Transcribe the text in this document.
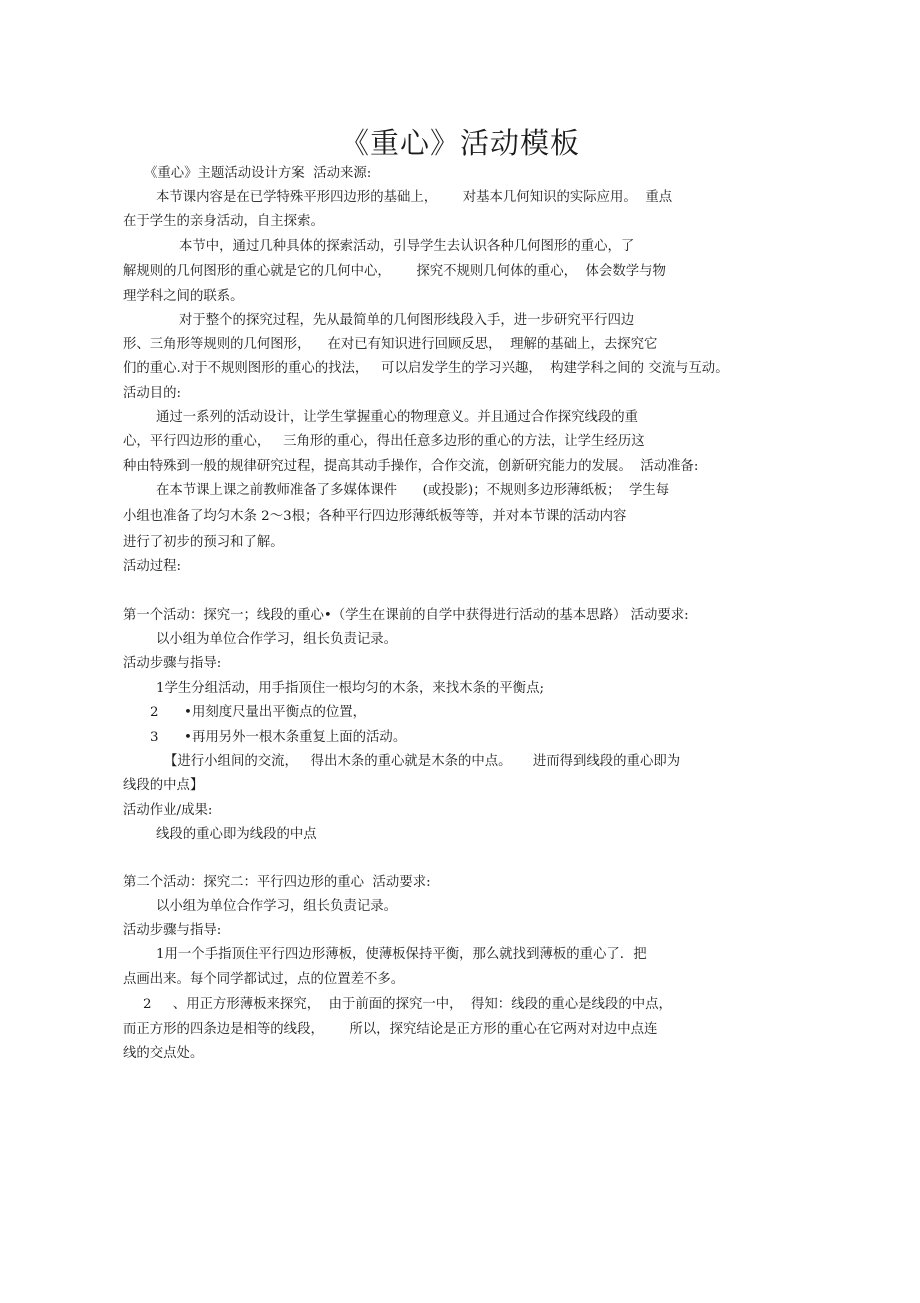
《重心》活动模板
《重心》主题活动设计方案  活动来源:
本节课内容是在已学特殊平形四边形的基础上，      对基本几何知识的实际应用。  重点
在于学生的亲身活动，自主探索。
本节中，通过几种具体的探索活动，引导学生去认识各种几何图形的重心，了
解规则的几何图形的重心就是它的几何中心，      探究不规则几何体的重心，  体会数学与物
理学科之间的联系。
对于整个的探究过程，先从最简单的几何图形线段入手，进一步研究平行四边
形、三角形等规则的几何图形，    在对已有知识进行回顾反思，  理解的基础上，去探究它
们的重心.对于不规则图形的重心的找法，   可以启发学生的学习兴趣，  构建学科之间的 交流与互动。
活动目的:
通过一系列的活动设计，让学生掌握重心的物理意义。并且通过合作探究线段的重
心，平行四边形的重心，   三角形的重心，得出任意多边形的重心的方法，让学生经历这
种由特殊到一般的规律研究过程，提高其动手操作，合作交流，创新研究能力的发展。  活动准备:
在本节课上课之前教师准备了多媒体课件      (或投影)；不规则多边形薄纸板；  学生每
小组也准备了均匀木条 2～3根；各种平行四边形薄纸板等等，并对本节课的活动内容
进行了初步的预习和了解。
活动过程:
第一个活动：探究一；线段的重心•（学生在课前的自学中获得进行活动的基本思路） 活动要求:
以小组为单位合作学习，组长负责记录。
活动步骤与指导:
1学生分组活动，用手指顶住一根均匀的木条，来找木条的平衡点;
2      •用刻度尺量出平衡点的位置，
3      •再用另外一根木条重复上面的活动。
【进行小组间的交流，   得出木条的重心就是木条的中点。     进而得到线段的重心即为
线段的中点】
活动作业/成果:
线段的重心即为线段的中点
第二个活动：探究二：平行四边形的重心  活动要求:
以小组为单位合作学习，组长负责记录。
活动步骤与指导:
1用一个手指顶住平行四边形薄板，使薄板保持平衡，那么就找到薄板的重心了．把
点画出来。每个同学都试过，点的位置差不多。
2     、用正方形薄板来探究，  由于前面的探究一中，  得知：线段的重心是线段的中点，
而正方形的四条边是相等的线段，      所以，探究结论是正方形的重心在它两对对边中点连
线的交点处。
